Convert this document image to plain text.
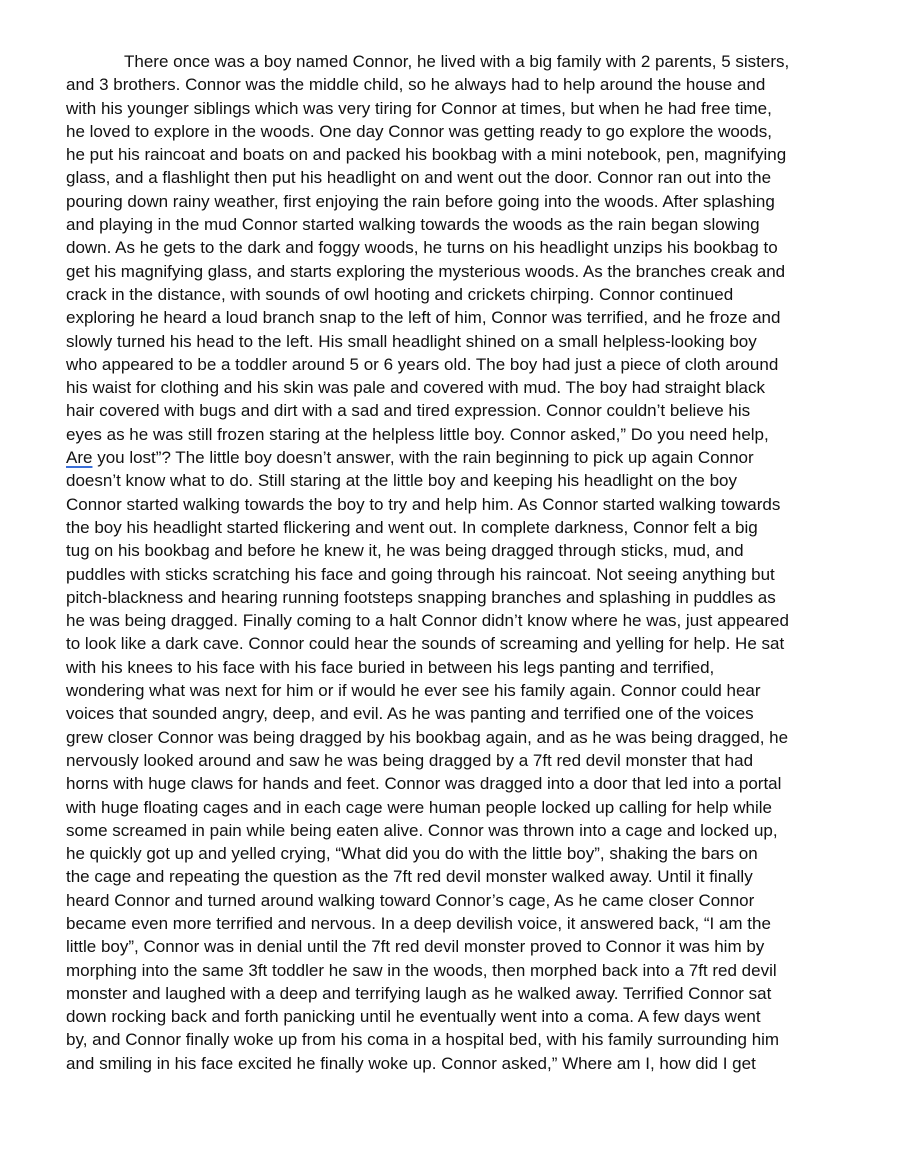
There once was a boy named Connor, he lived with a big family with 2 parents, 5 sisters,
and 3 brothers. Connor was the middle child, so he always had to help around the house and
with his younger siblings which was very tiring for Connor at times, but when he had free time,
he loved to explore in the woods. One day Connor was getting ready to go explore the woods,
he put his raincoat and boats on and packed his bookbag with a mini notebook, pen, magnifying
glass, and a flashlight then put his headlight on and went out the door. Connor ran out into the
pouring down rainy weather, first enjoying the rain before going into the woods. After splashing
and playing in the mud Connor started walking towards the woods as the rain began slowing
down. As he gets to the dark and foggy woods, he turns on his headlight unzips his bookbag to
get his magnifying glass, and starts exploring the mysterious woods. As the branches creak and
crack in the distance, with sounds of owl hooting and crickets chirping. Connor continued
exploring he heard a loud branch snap to the left of him, Connor was terrified, and he froze and
slowly turned his head to the left. His small headlight shined on a small helpless-looking boy
who appeared to be a toddler around 5 or 6 years old. The boy had just a piece of cloth around
his waist for clothing and his skin was pale and covered with mud. The boy had straight black
hair covered with bugs and dirt with a sad and tired expression. Connor couldn’t believe his
eyes as he was still frozen staring at the helpless little boy. Connor asked,” Do you need help,
Are you lost”? The little boy doesn’t answer, with the rain beginning to pick up again Connor
doesn’t know what to do. Still staring at the little boy and keeping his headlight on the boy
Connor started walking towards the boy to try and help him. As Connor started walking towards
the boy his headlight started flickering and went out. In complete darkness, Connor felt a big
tug on his bookbag and before he knew it, he was being dragged through sticks, mud, and
puddles with sticks scratching his face and going through his raincoat. Not seeing anything but
pitch-blackness and hearing running footsteps snapping branches and splashing in puddles as
he was being dragged. Finally coming to a halt Connor didn’t know where he was, just appeared
to look like a dark cave. Connor could hear the sounds of screaming and yelling for help. He sat
with his knees to his face with his face buried in between his legs panting and terrified,
wondering what was next for him or if would he ever see his family again. Connor could hear
voices that sounded angry, deep, and evil. As he was panting and terrified one of the voices
grew closer Connor was being dragged by his bookbag again, and as he was being dragged, he
nervously looked around and saw he was being dragged by a 7ft red devil monster that had
horns with huge claws for hands and feet. Connor was dragged into a door that led into a portal
with huge floating cages and in each cage were human people locked up calling for help while
some screamed in pain while being eaten alive. Connor was thrown into a cage and locked up,
he quickly got up and yelled crying, “What did you do with the little boy”, shaking the bars on
the cage and repeating the question as the 7ft red devil monster walked away. Until it finally
heard Connor and turned around walking toward Connor’s cage, As he came closer Connor
became even more terrified and nervous. In a deep devilish voice, it answered back, “I am the
little boy”, Connor was in denial until the 7ft red devil monster proved to Connor it was him by
morphing into the same 3ft toddler he saw in the woods, then morphed back into a 7ft red devil
monster and laughed with a deep and terrifying laugh as he walked away. Terrified Connor sat
down rocking back and forth panicking until he eventually went into a coma. A few days went
by, and Connor finally woke up from his coma in a hospital bed, with his family surrounding him
and smiling in his face excited he finally woke up. Connor asked,” Where am I, how did I get
